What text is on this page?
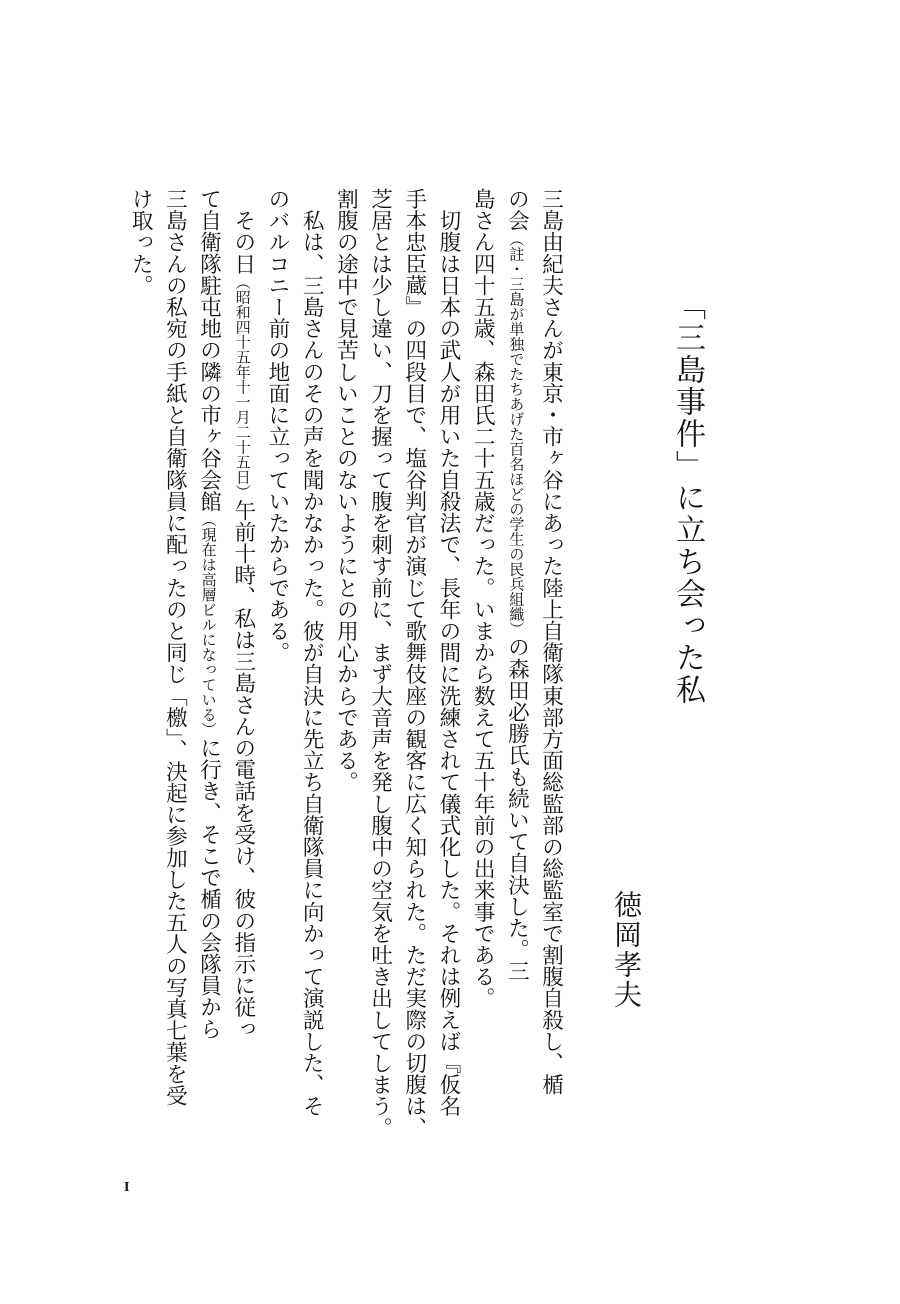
「三島事件」に立ち会った私
徳岡孝夫
三島由紀夫さんが東京・市ヶ谷にあった陸上自衛隊東部方面総監部の総監室で割腹自殺し、楯
の会（註・三島が単独でたちあげた百名ほどの学生の民兵組織）の森田必勝氏も続いて自決した。三
島さん四十五歳、森田氏二十五歳だった。いまから数えて五十年前の出来事である。
　切腹は日本の武人が用いた自殺法で、長年の間に洗練されて儀式化した。それは例えば『仮名
手本忠臣蔵』の四段目で、塩谷判官が演じて歌舞伎座の観客に広く知られた。ただ実際の切腹は、
芝居とは少し違い、刀を握って腹を刺す前に、まず大音声を発し腹中の空気を吐き出してしまう。
割腹の途中で見苦しいことのないようにとの用心からである。
　私は、三島さんのその声を聞かなかった。彼が自決に先立ち自衛隊員に向かって演説した、そ
のバルコニー前の地面に立っていたからである。
　その日（昭和四十五年十一月二十五日）午前十時、私は三島さんの電話を受け、彼の指示に従っ
て自衛隊駐屯地の隣の市ヶ谷会館（現在は高層ビルになっている）に行き、そこで楯の会隊員から
三島さんの私宛の手紙と自衛隊員に配ったのと同じ「檄」、決起に参加した五人の写真七葉を受
け取った。
I
